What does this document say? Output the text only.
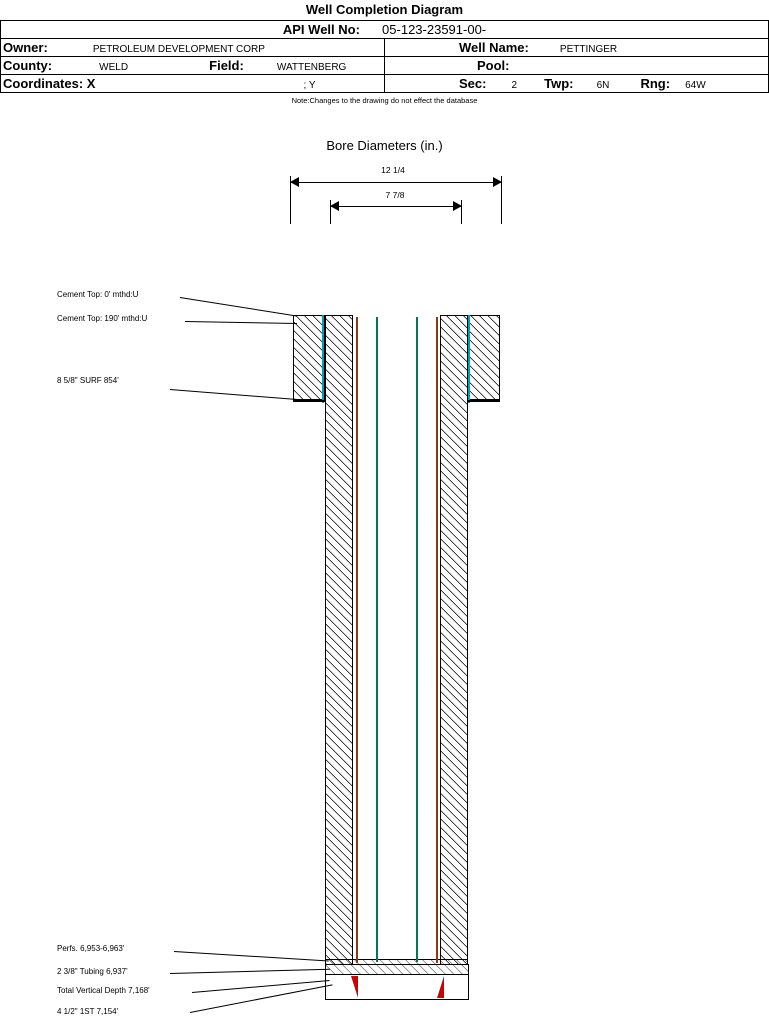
Well Completion Diagram
API Well No: 05-123-23591-00-	
Owner: PETROLEUM DEVELOPMENT CORP	Well Name: PETTINGER
County: WELD Field: WATTENBERG	Pool:
Coordinates: X ; Y	Sec: 2 Twp: 6N Rng: 64W
Note:Changes to the drawing do not effect the database
Bore Diameters (in.)
12 1/4
7 7/8
Cement Top: 0' mthd:U
Cement Top: 190' mthd:U
8 5/8" SURF 854'
Perfs. 6,953-6,963'
2 3/8" Tubing 6,937'
Total Vertical Depth 7,168'
4 1/2" 1ST 7,154'
